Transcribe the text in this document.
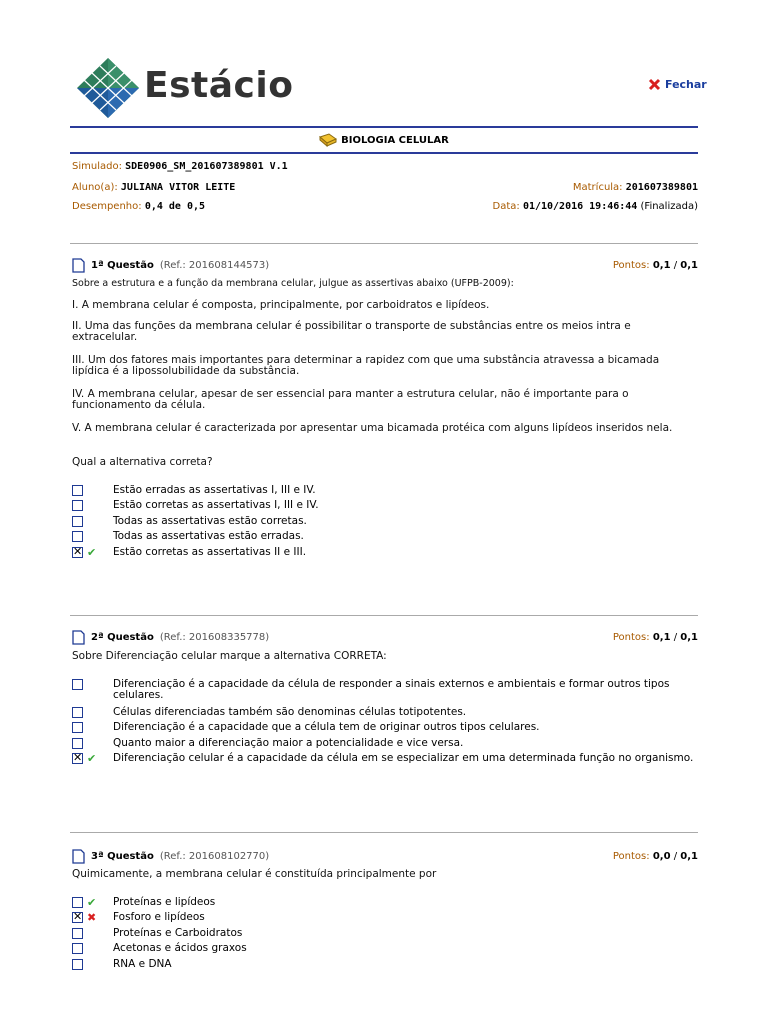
Estácio	Fechar
BIOLOGIA CELULAR
Simulado: SDE0906_SM_201607389801 V.1
Aluno(a): JULIANA VITOR LEITE	Matrícula: 201607389801
Desempenho: 0,4 de 0,5	Data: 01/10/2016 19:46:44 (Finalizada)
1ª Questão (Ref.: 201608144573)	Pontos: 0,1 / 0,1
Sobre a estrutura e a função da membrana celular, julgue as assertivas abaixo (UFPB-2009):
I. A membrana celular é composta, principalmente, por carboidratos e lipídeos.
II. Uma das funções da membrana celular é possibilitar o transporte de substâncias entre os meios intra e extracelular.
III. Um dos fatores mais importantes para determinar a rapidez com que uma substância atravessa a bicamada lipídica é a lipossolubilidade da substância.
IV. A membrana celular, apesar de ser essencial para manter a estrutura celular, não é importante para o funcionamento da célula.
V. A membrana celular é caracterizada por apresentar uma bicamada protéica com alguns lipídeos inseridos nela.
Qual a alternativa correta?
Estão erradas as assertativas I, III e IV.
Estão corretas as assertativas I, III e IV.
Todas as assertativas estão corretas.
Todas as assertativas estão erradas.
✕
✔ Estão corretas as assertativas II e III.
2ª Questão (Ref.: 201608335778)	Pontos: 0,1 / 0,1
Sobre Diferenciação celular marque a alternativa CORRETA:
Diferenciação é a capacidade da célula de responder a sinais externos e ambientais e formar outros tipos celulares.
Células diferenciadas também são denominas células totipotentes.
Diferenciação é a capacidade que a célula tem de originar outros tipos celulares.
Quanto maior a diferenciação maior a potencialidade e vice versa.
✕
✔ Diferenciação celular é a capacidade da célula em se especializar em uma determinada função no organismo.
3ª Questão (Ref.: 201608102770)	Pontos: 0,0 / 0,1
Quimicamente, a membrana celular é constituída principalmente por
✔ Proteínas e lipídeos
✕
✖ Fosforo e lipídeos
Proteínas e Carboidratos
Acetonas e ácidos graxos
RNA e DNA
